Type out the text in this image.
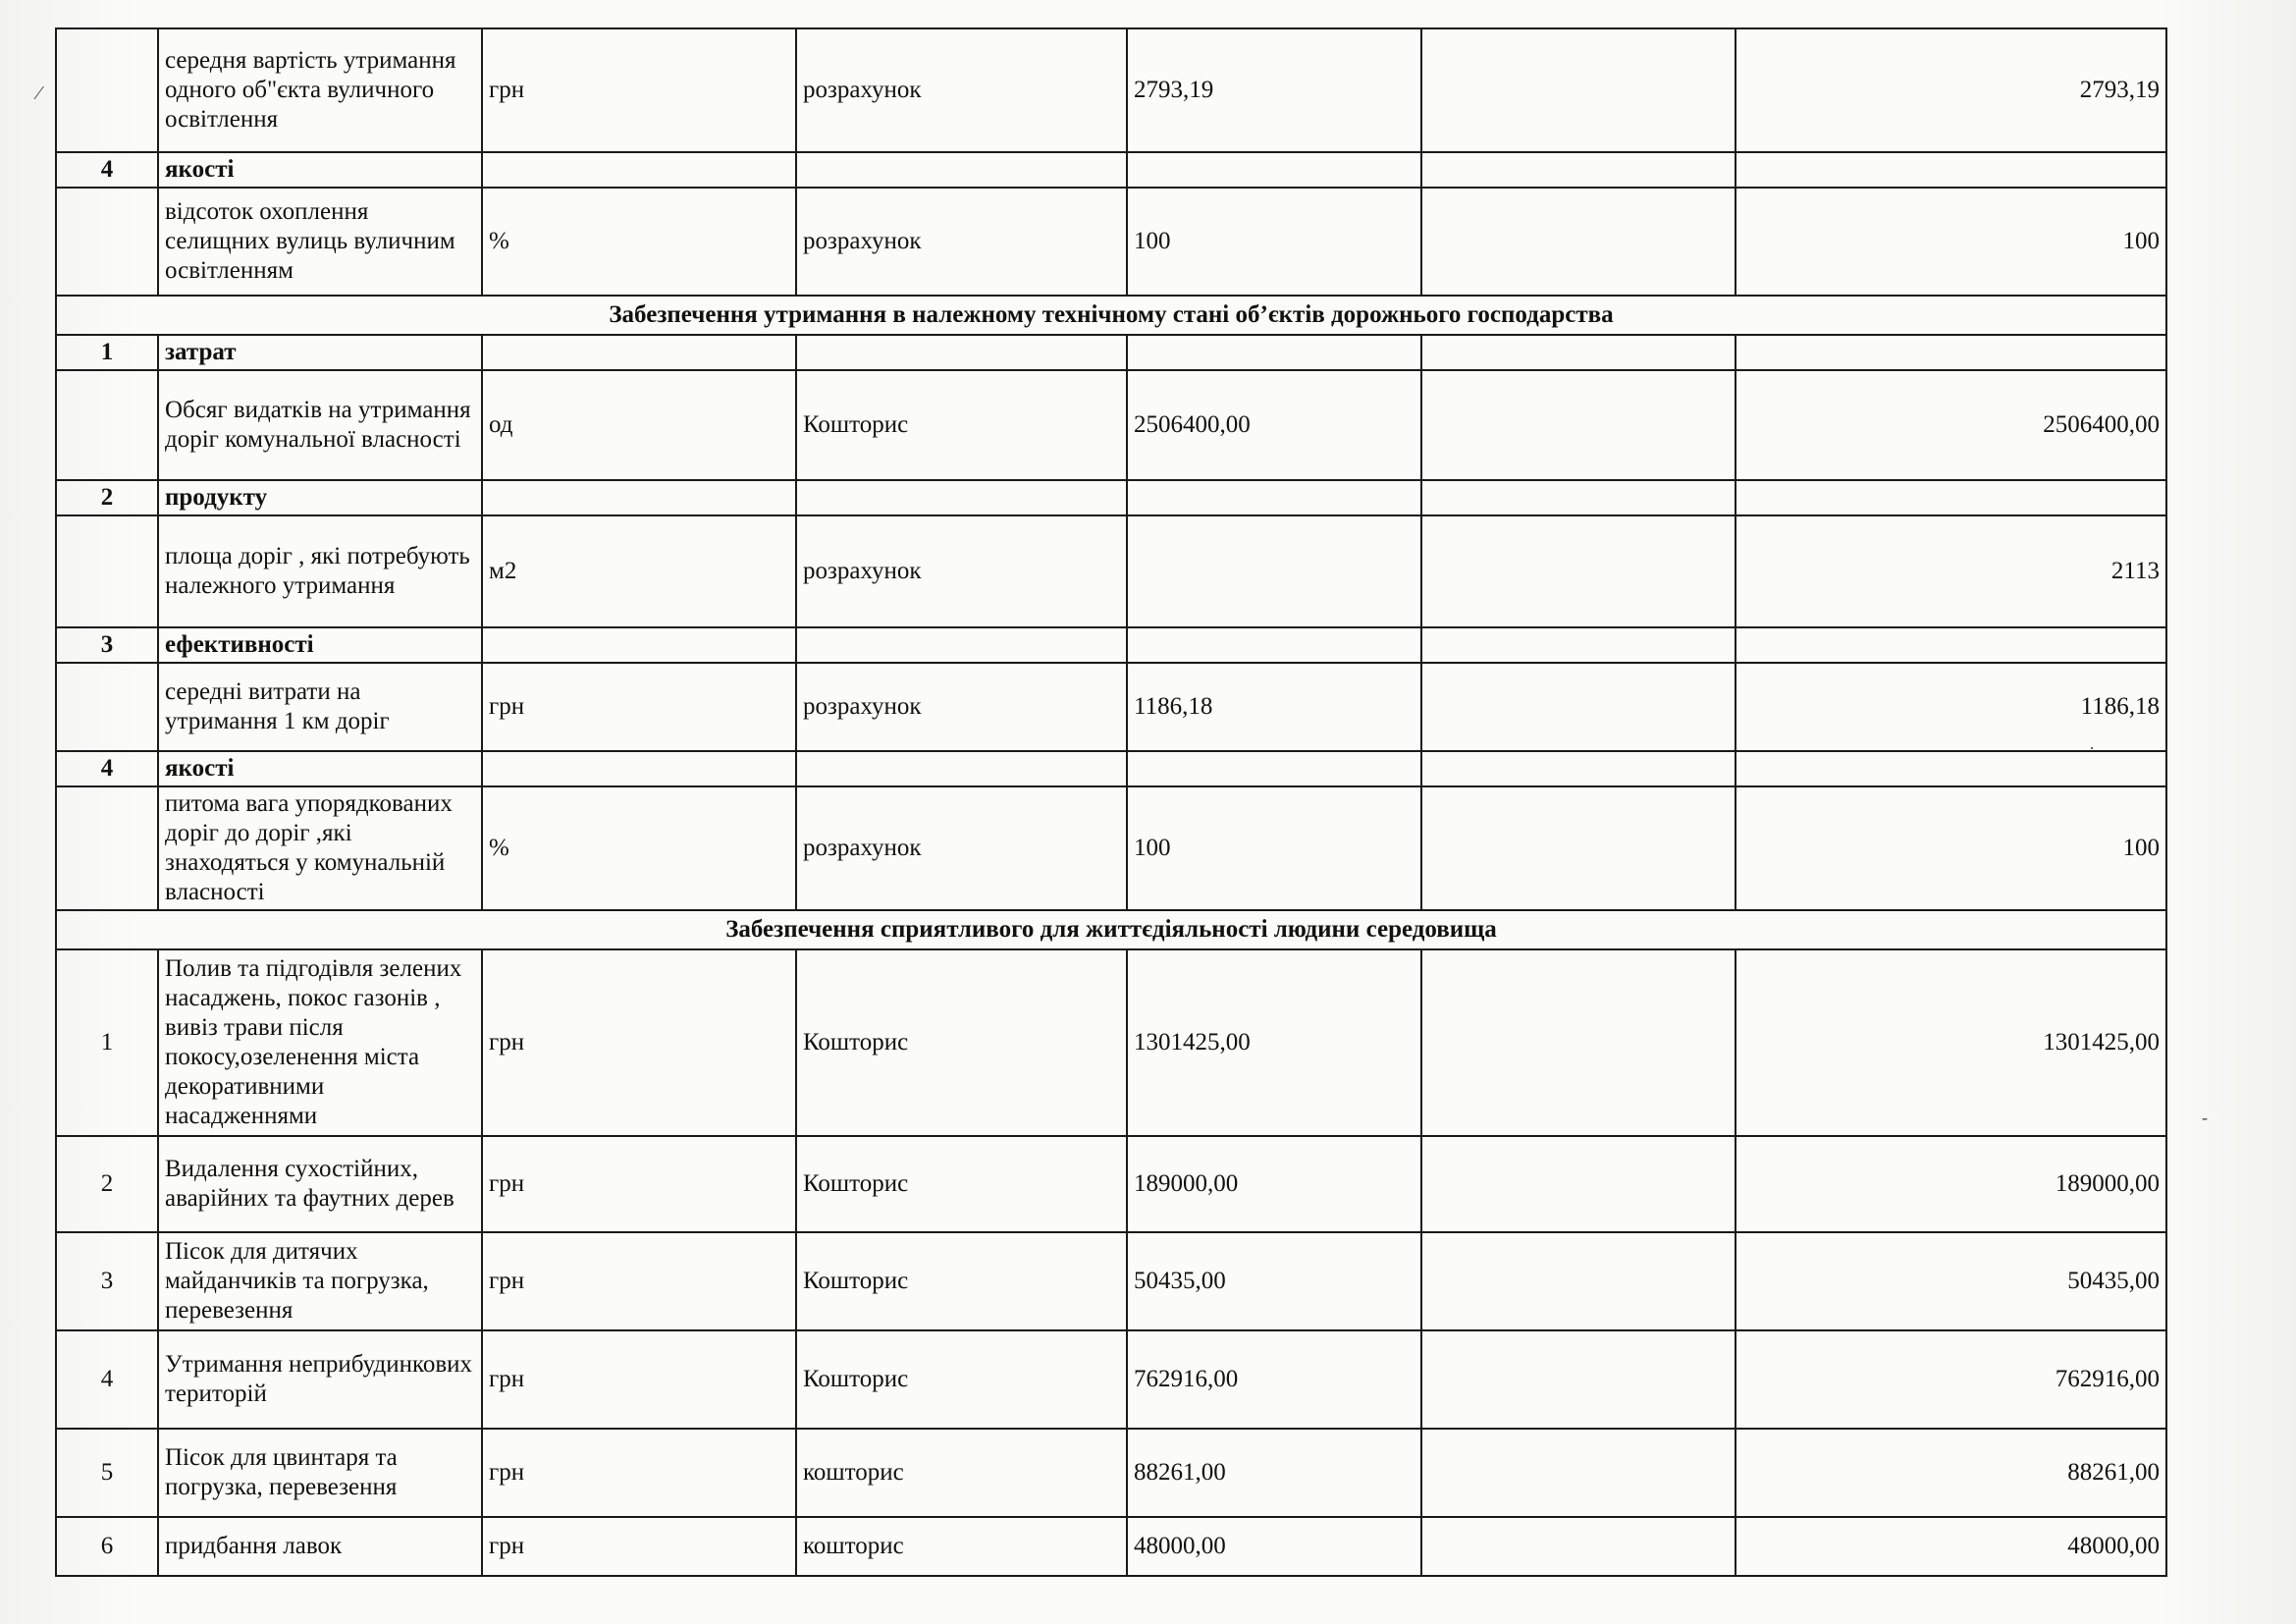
⁄
·
-
	середня вартість утримання одного об"єкта вуличного освітлення	грн	розрахунок	2793,19		2793,19
4	якості					
	відсоток охоплення селищних вулиць вуличним освітленням	%	розрахунок	100		100
Забезпечення утримання в належному технічному стані об’єктів дорожнього господарства						
1	затрат					
	Обсяг видатків на утримання доріг комунальної власності	од	Кошторис	2506400,00		2506400,00
2	продукту					
	площа доріг , які потребують належного утримання	м2	розрахунок			2113
3	ефективності					
	середні витрати на утримання 1 км доріг	грн	розрахунок	1186,18		1186,18
4	якості					
	питома вага упорядкованих доріг до доріг ,які знаходяться у комунальній власності	%	розрахунок	100		100
Забезпечення сприятливого для життєдіяльності людини середовища						
1	Полив та підгодівля зелених насаджень, покос газонів , вивіз трави після покосу,озеленення міста декоративними насадженнями	грн	Кошторис	1301425,00		1301425,00
2	Видалення сухостійних, аварійних та фаутних дерев	грн	Кошторис	189000,00		189000,00
3	Пісок для дитячих майданчиків та погрузка, перевезення	грн	Кошторис	50435,00		50435,00
4	Утримання неприбудинкових територій	грн	Кошторис	762916,00		762916,00
5	Пісок для цвинтаря та погрузка, перевезення	грн	кошторис	88261,00		88261,00
6	придбання лавок	грн	кошторис	48000,00		48000,00
